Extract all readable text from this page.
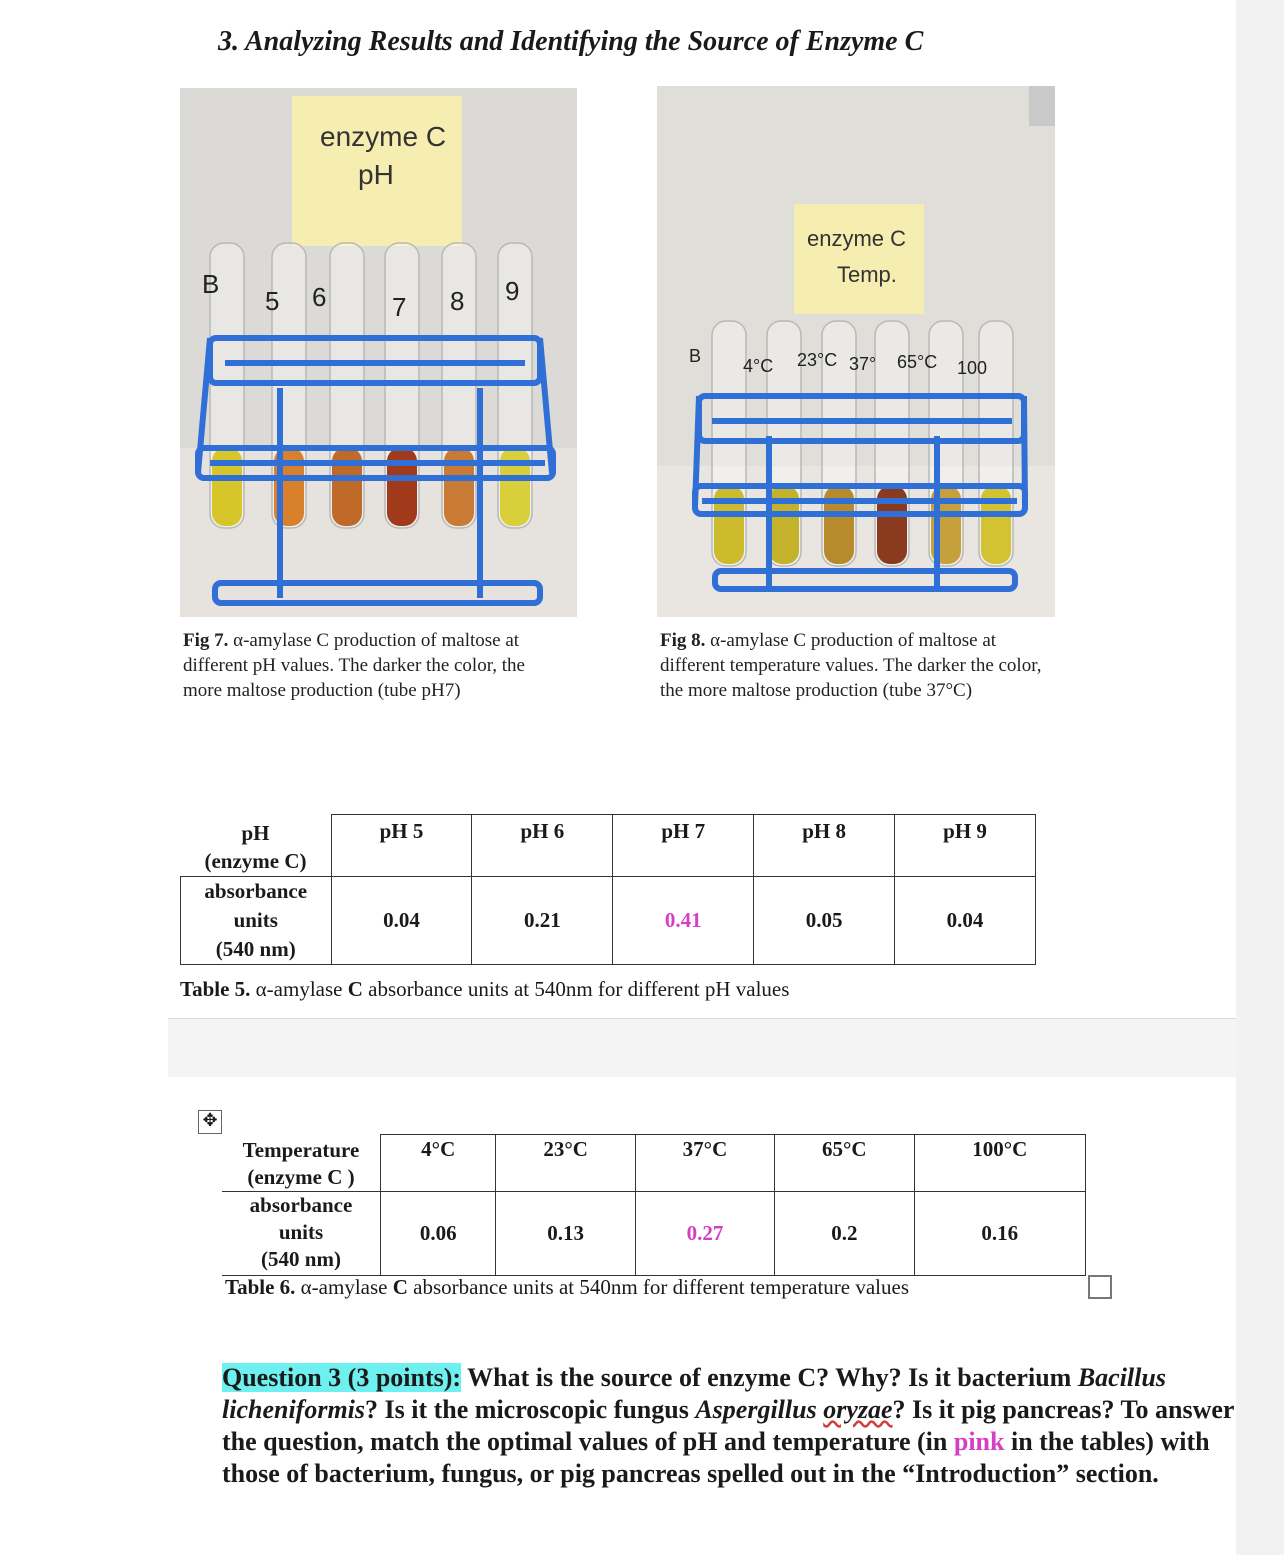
3. Analyzing Results and Identifying the Source of Enzyme C
enzyme C
pH
B
5 6	7 8 9
enzyme C
Temp.
B 4°C 23°C 37° 65°C 100
Fig 7. α-amylase C production of maltose at different pH values. The darker the color, the more maltose production (tube pH7)
Fig 8. α-amylase C production of maltose at different temperature values. The darker the color, the more maltose production (tube 37°C)
pH
(enzyme C)	pH 5	pH 6	pH 7	pH 8	pH 9
absorbance
units
(540 nm)	0.04	0.21	0.41	0.05	0.04
Table 5. α-amylase C absorbance units at 540nm for different pH values
✥
Temperature
(enzyme C )	4°C	23°C	37°C	65°C	100°C
absorbance
units
(540 nm)	0.06	0.13	0.27	0.2	0.16
Table 6. α-amylase C absorbance units at 540nm for different temperature values
Question 3 (3 points): What is the source of enzyme C? Why? Is it bacterium Bacillus licheniformis? Is it the microscopic fungus Aspergillus oryzae? Is it pig pancreas? To answer the question, match the optimal values of pH and temperature (in pink in the tables) with those of bacterium, fungus, or pig pancreas spelled out in the “Introduction” section.
